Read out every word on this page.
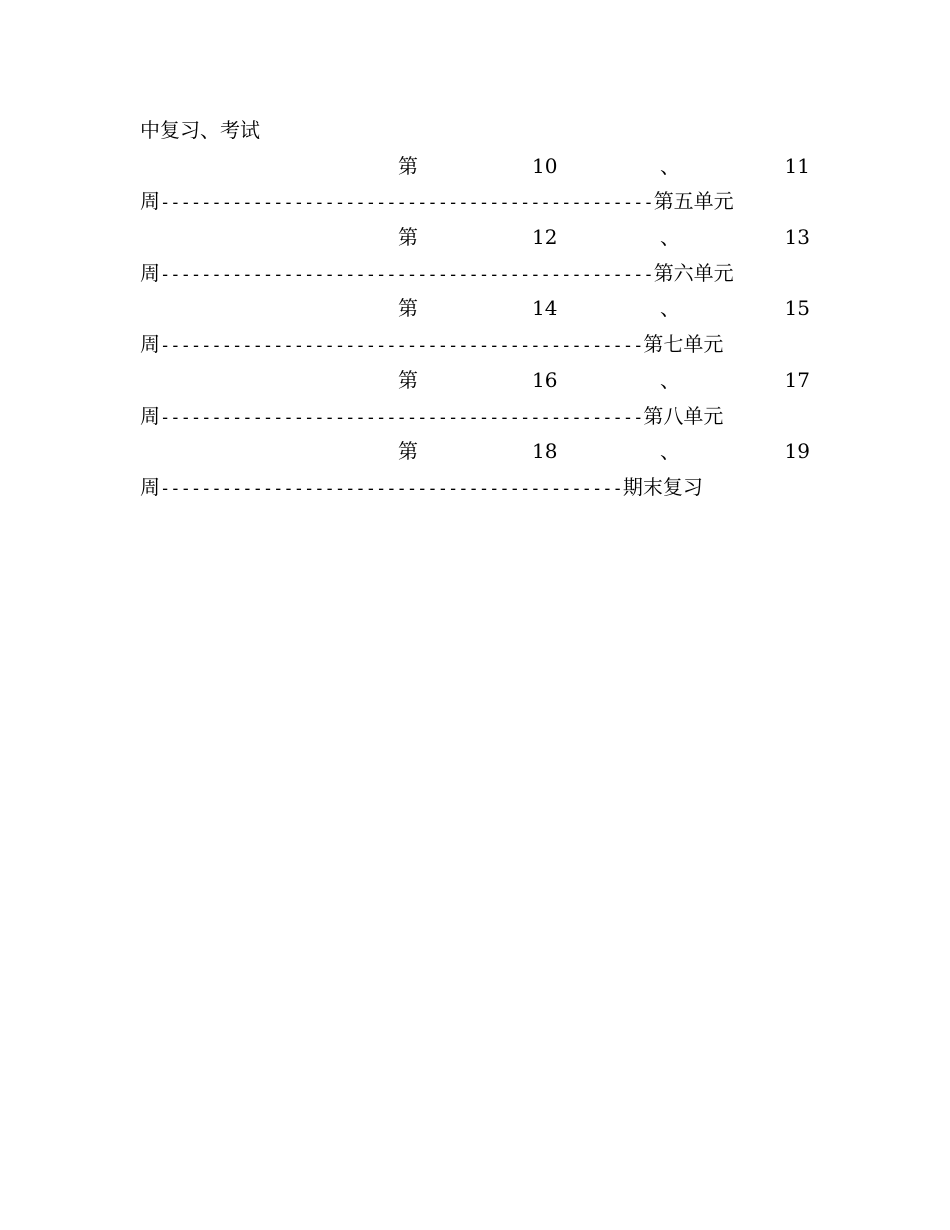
中复习、考试
第	10	、	11
周 ------------------------------------------------ 第五单元
第	12	、	13
周 ------------------------------------------------ 第六单元
第	14	、	15
周 ----------------------------------------------- 第七单元
第	16	、	17
周 ----------------------------------------------- 第八单元
第	18	、	19
周 --------------------------------------------- 期末复习
